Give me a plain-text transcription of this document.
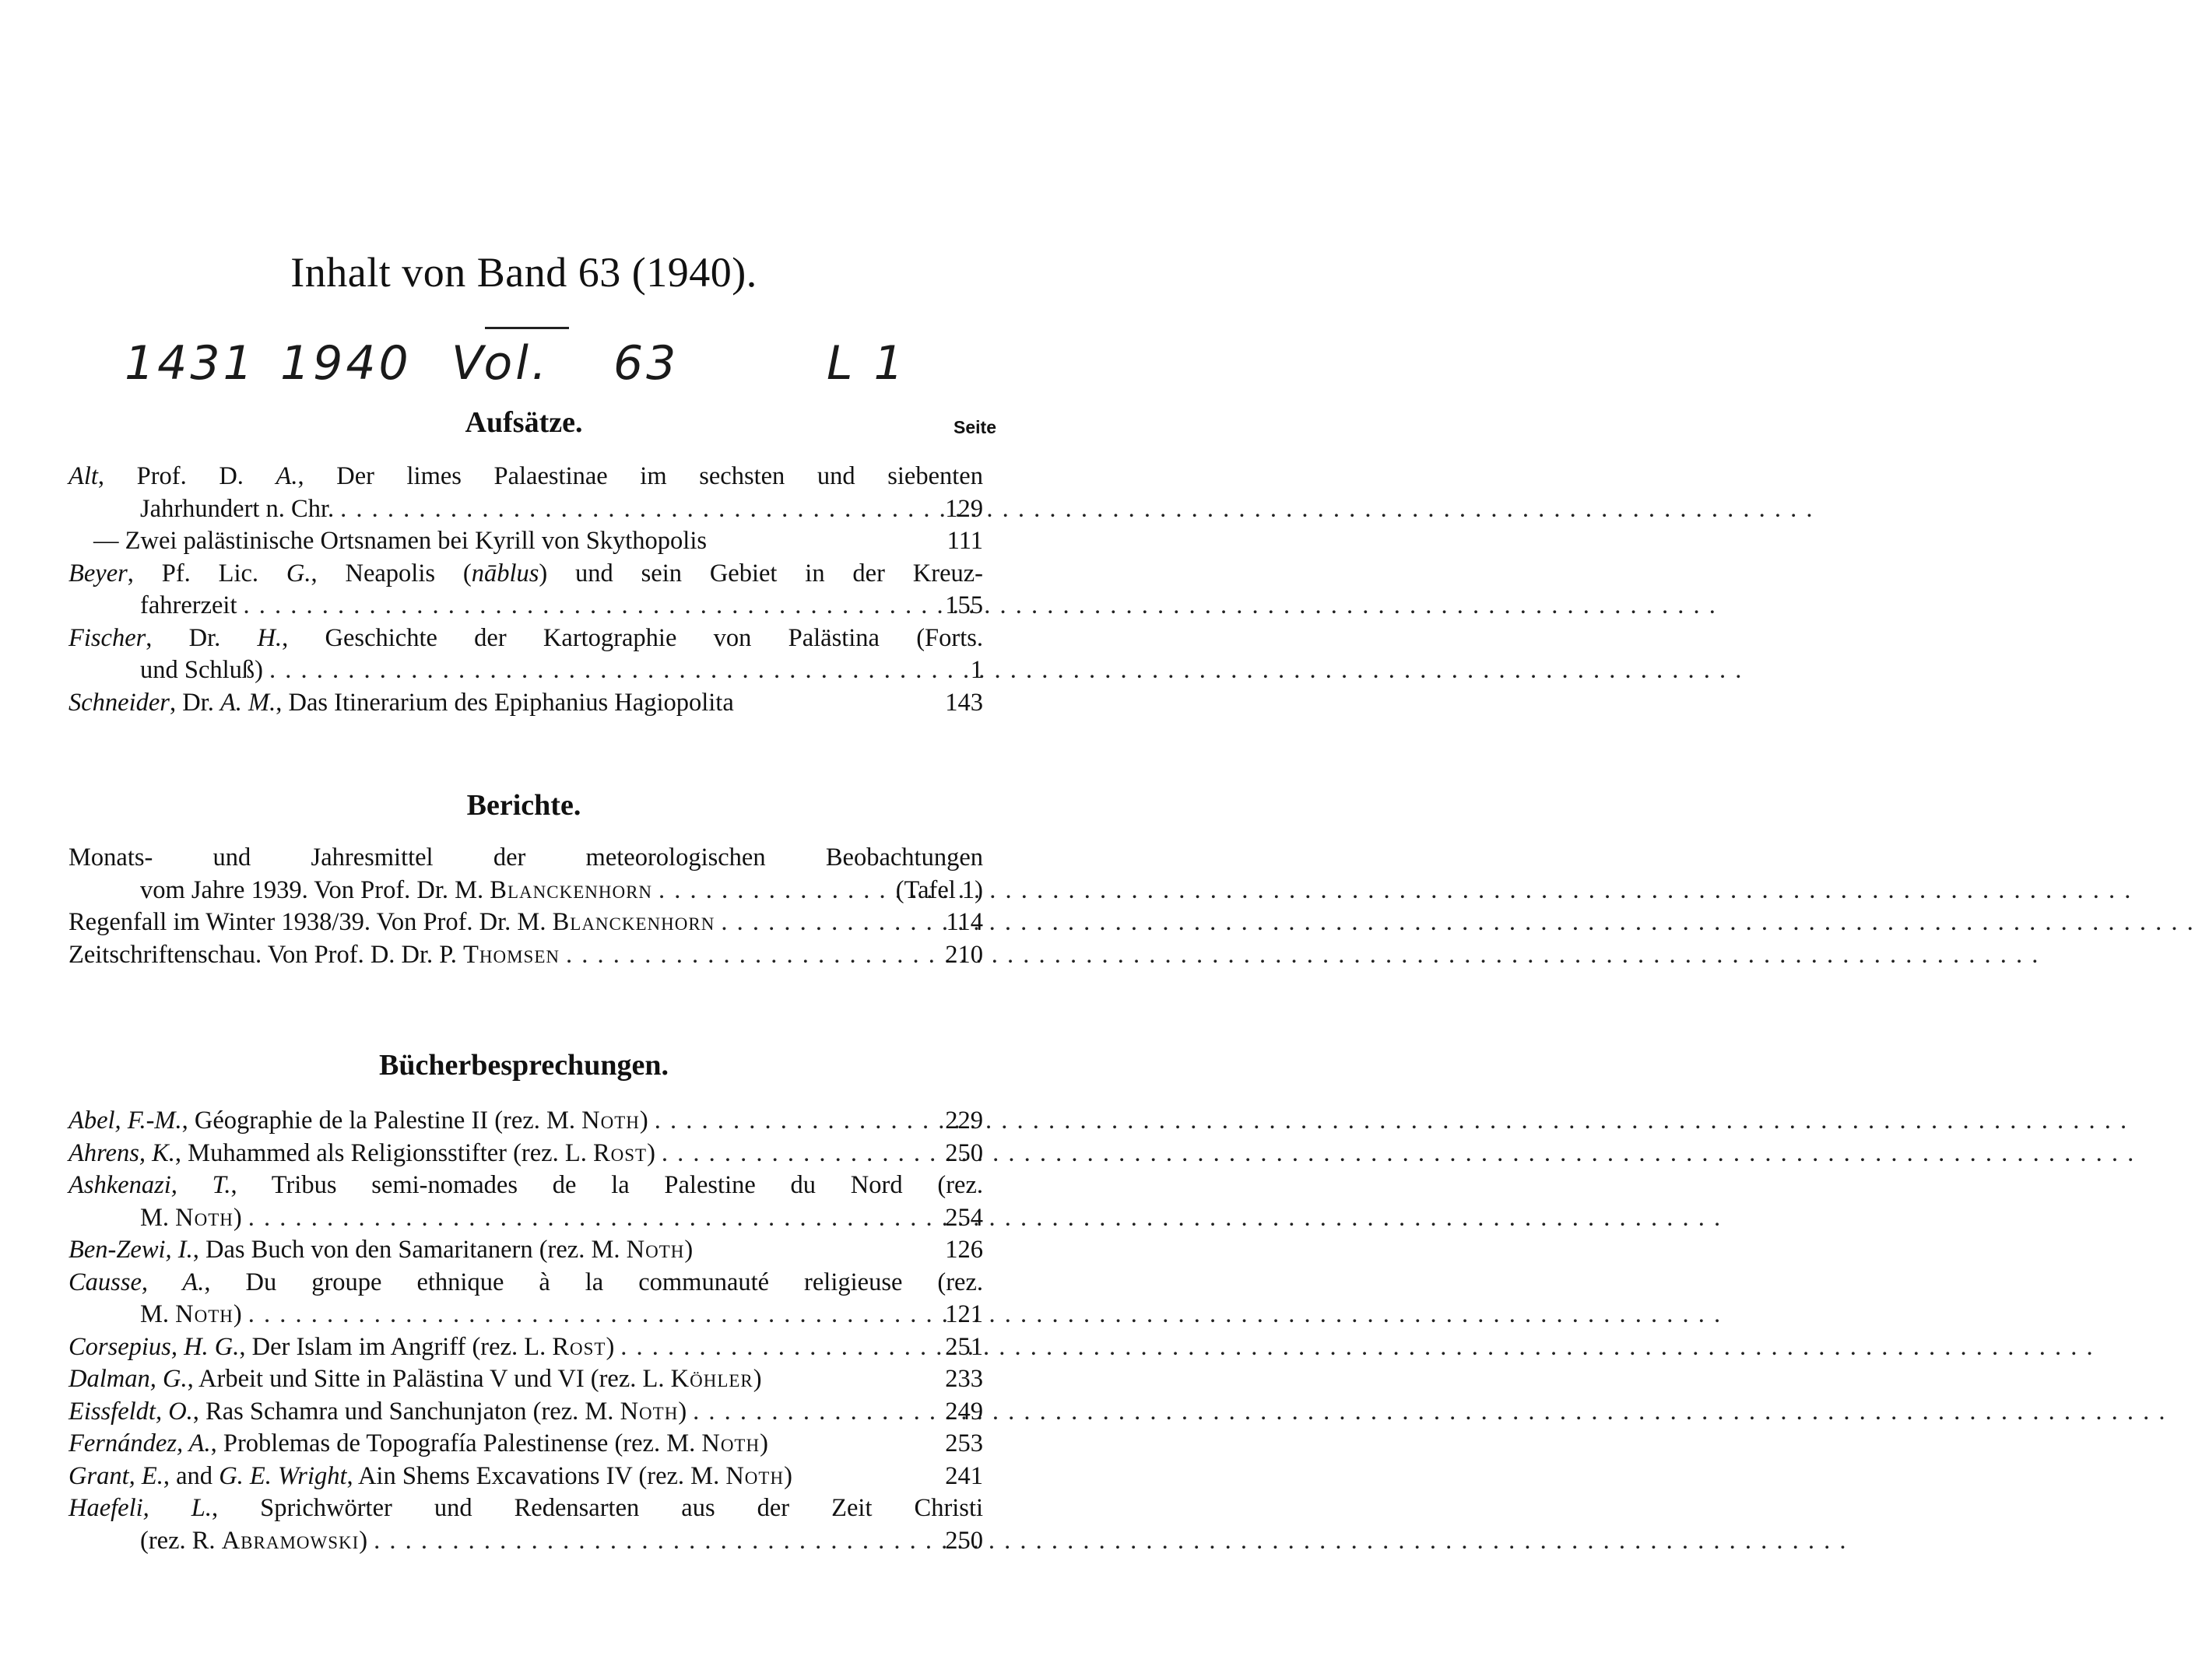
Inhalt von Band 63 (1940).
1431 1940 Vol. 63	L 1
Aufsätze.	Seite
Alt, Prof. D. A., Der limes Palaestinae im sechsten und siebenten
Jahrhundert n. Chr. . . .	129
— Zwei palästinische Ortsnamen bei Kyrill von Skythopolis	111
Beyer, Pf. Lic. G., Neapolis (nāblus) und sein Gebiet in der Kreuz-
fahrerzeit . . .	155
Fischer, Dr. H., Geschichte der Kartographie von Palästina (Forts.
und Schluß) . . .	1
Schneider, Dr. A. M., Das Itinerarium des Epiphanius Hagiopolita	143
Berichte.
Monats- und Jahresmittel der meteorologischen Beobachtungen
vom Jahre 1939. Von Prof. Dr. M. Blanckenhorn . . .	(Tafel 1)
Regenfall im Winter 1938/39. Von Prof. Dr. M. Blanckenhorn . . .	114
Zeitschriftenschau. Von Prof. D. Dr. P. Thomsen . . .	210
Bücherbesprechungen.
Abel, F.-M., Géographie de la Palestine II (rez. M. Noth) . . .	229
Ahrens, K., Muhammed als Religionsstifter (rez. L. Rost) . . .	250
Ashkenazi, T., Tribus semi-nomades de la Palestine du Nord (rez.
M. Noth) . . .	254
Ben-Zewi, I., Das Buch von den Samaritanern (rez. M. Noth)	126
Causse, A., Du groupe ethnique à la communauté religieuse (rez.
M. Noth) . . .	121
Corsepius, H. G., Der Islam im Angriff (rez. L. Rost) . . .	251
Dalman, G., Arbeit und Sitte in Palästina V und VI (rez. L. Köhler)	233
Eissfeldt, O., Ras Schamra und Sanchunjaton (rez. M. Noth) . . .	249
Fernández, A., Problemas de Topografía Palestinense (rez. M. Noth)	253
Grant, E., and G. E. Wright, Ain Shems Excavations IV (rez. M. Noth)	241
Haefeli, L., Sprichwörter und Redensarten aus der Zeit Christi
(rez. R. Abramowski) . . .	250
